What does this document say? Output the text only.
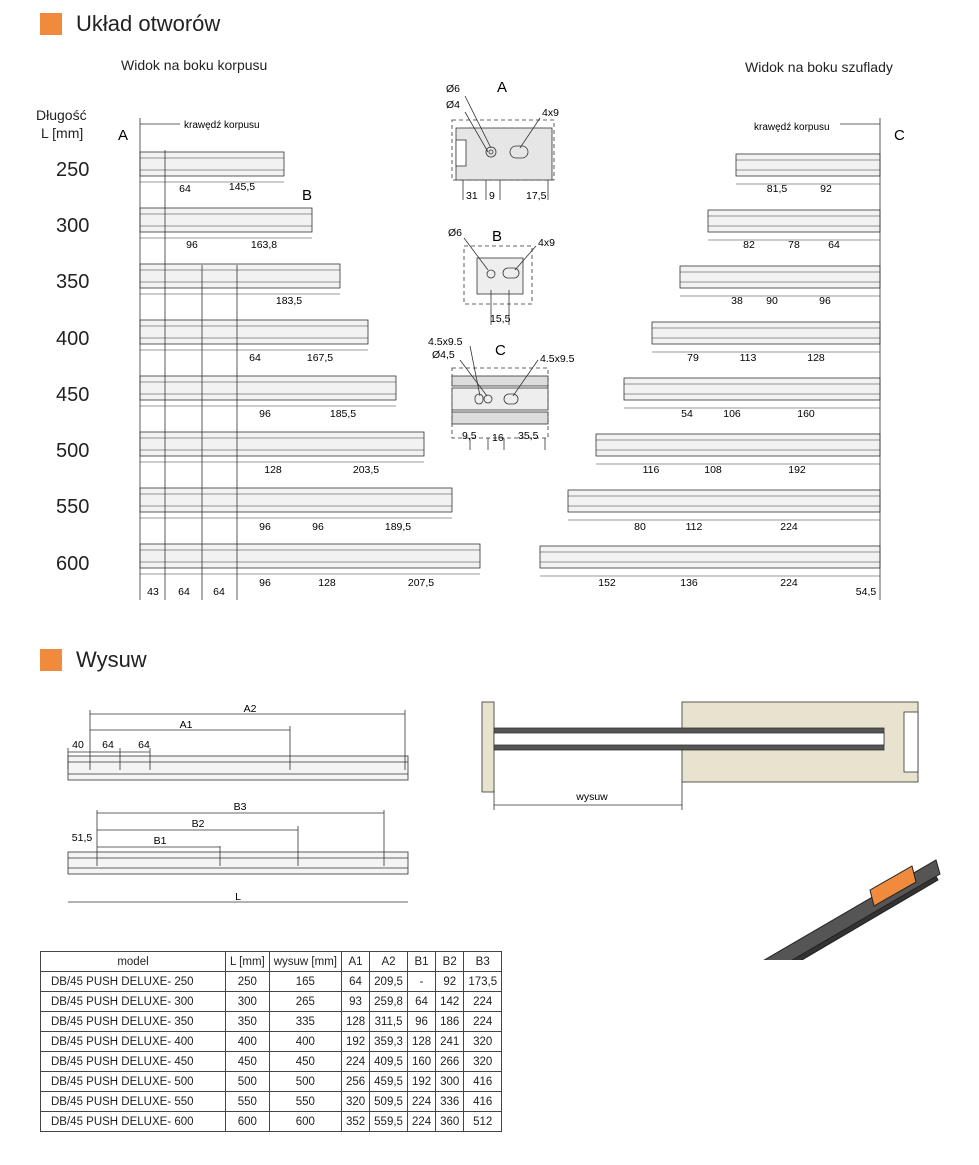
Układ otworów
Widok na boku korpusu	Widok na boku szuflady
Długość
L [mm]
250
300
350
400
450
500
550
600
A
krawędź korpusu	krawędź korpusu	C
B
64	145,5
96	163,8
183,5
64	167,5
96	185,5
128	203,5
96	96	189,5
96	128	207,5
43 64 64
81,5	92
82	78	64
38 90	96
79	113	128
54	106	160
116	108	192
80	112	224
152	136	224
54,5
A
Ø6
Ø4
4x9
31 9	17,5
B
Ø6
4x9
15,5
C
4.5x9.5
Ø4,5	4.5x9.5
9,5 16 35,5
Wysuw
A2
A1
40 64 64
B3
B2
B1
51,5
L
wysuw
model	L [mm]	wysuw [mm]	A1	A2	B1	B2	B3
DB/45 PUSH DELUXE- 250	250	165	64	209,5	-	92	173,5
DB/45 PUSH DELUXE- 300	300	265	93	259,8	64	142	224
DB/45 PUSH DELUXE- 350	350	335	128	311,5	96	186	224
DB/45 PUSH DELUXE- 400	400	400	192	359,3	128	241	320
DB/45 PUSH DELUXE- 450	450	450	224	409,5	160	266	320
DB/45 PUSH DELUXE- 500	500	500	256	459,5	192	300	416
DB/45 PUSH DELUXE- 550	550	550	320	509,5	224	336	416
DB/45 PUSH DELUXE- 600	600	600	352	559,5	224	360	512
